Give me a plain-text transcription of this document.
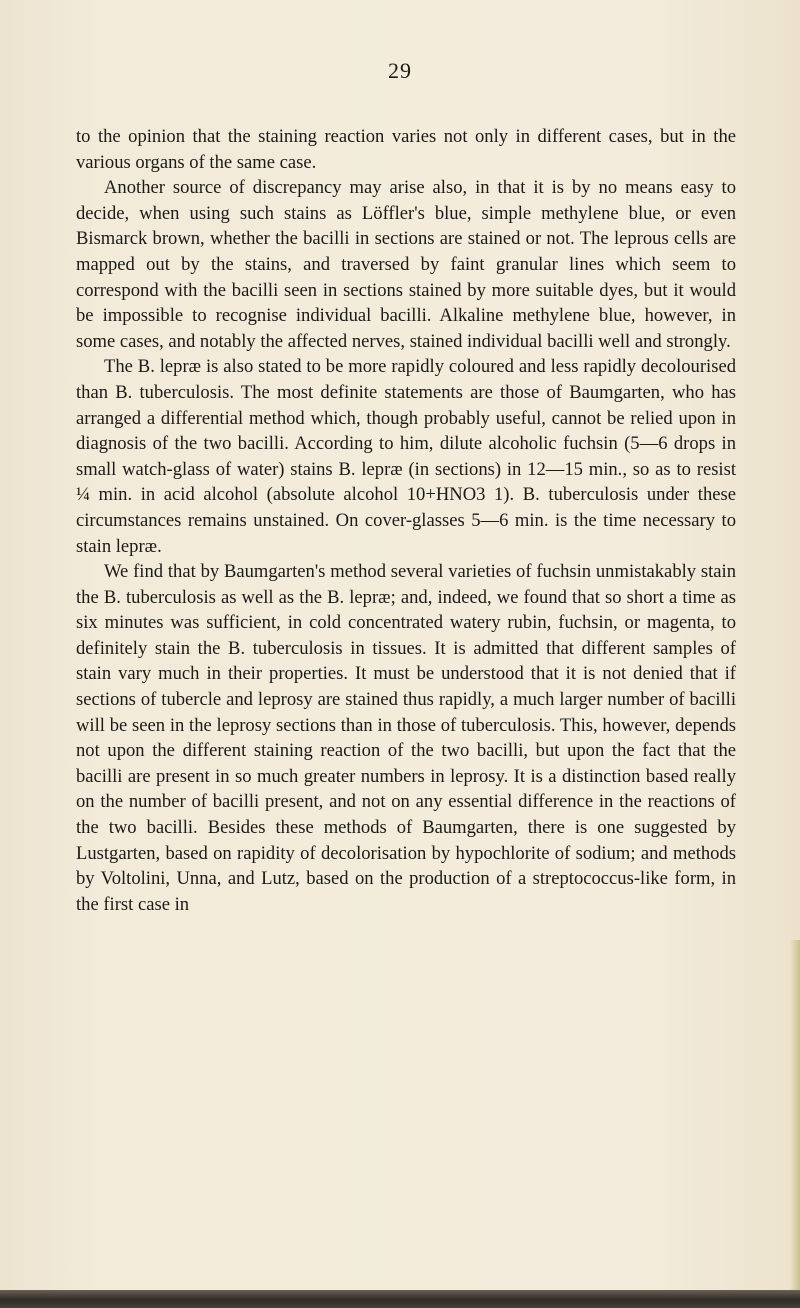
29

to the opinion that the staining reaction varies not only in different cases, but in the various organs of the same case.

Another source of discrepancy may arise also, in that it is by no means easy to decide, when using such stains as Löffler's blue, simple methylene blue, or even Bismarck brown, whether the bacilli in sections are stained or not. The leprous cells are mapped out by the stains, and traversed by faint granular lines which seem to correspond with the bacilli seen in sections stained by more suitable dyes, but it would be impossible to recognise individual bacilli. Alkaline methylene blue, however, in some cases, and notably the affected nerves, stained individual bacilli well and strongly.

The B. lepræ is also stated to be more rapidly coloured and less rapidly decolourised than B. tuberculosis. The most definite statements are those of Baumgarten, who has arranged a differential method which, though probably useful, cannot be relied upon in diagnosis of the two bacilli. According to him, dilute alcoholic fuchsin (5—6 drops in small watch-glass of water) stains B. lepræ (in sections) in 12—15 min., so as to resist ¼ min. in acid alcohol (absolute alcohol 10+HNO3 1). B. tuberculosis under these circumstances remains unstained. On cover-glasses 5—6 min. is the time necessary to stain lepræ.

We find that by Baumgarten's method several varieties of fuchsin unmistakably stain the B. tuberculosis as well as the B. lepræ; and, indeed, we found that so short a time as six minutes was sufficient, in cold concentrated watery rubin, fuchsin, or magenta, to definitely stain the B. tuberculosis in tissues. It is admitted that different samples of stain vary much in their properties. It must be understood that it is not denied that if sections of tubercle and leprosy are stained thus rapidly, a much larger number of bacilli will be seen in the leprosy sections than in those of tuberculosis. This, however, depends not upon the different staining reaction of the two bacilli, but upon the fact that the bacilli are present in so much greater numbers in leprosy. It is a distinction based really on the number of bacilli present, and not on any essential difference in the reactions of the two bacilli. Besides these methods of Baumgarten, there is one suggested by Lustgarten, based on rapidity of decolorisation by hypochlorite of sodium; and methods by Voltolini, Unna, and Lutz, based on the production of a streptococcus-like form, in the first case in
